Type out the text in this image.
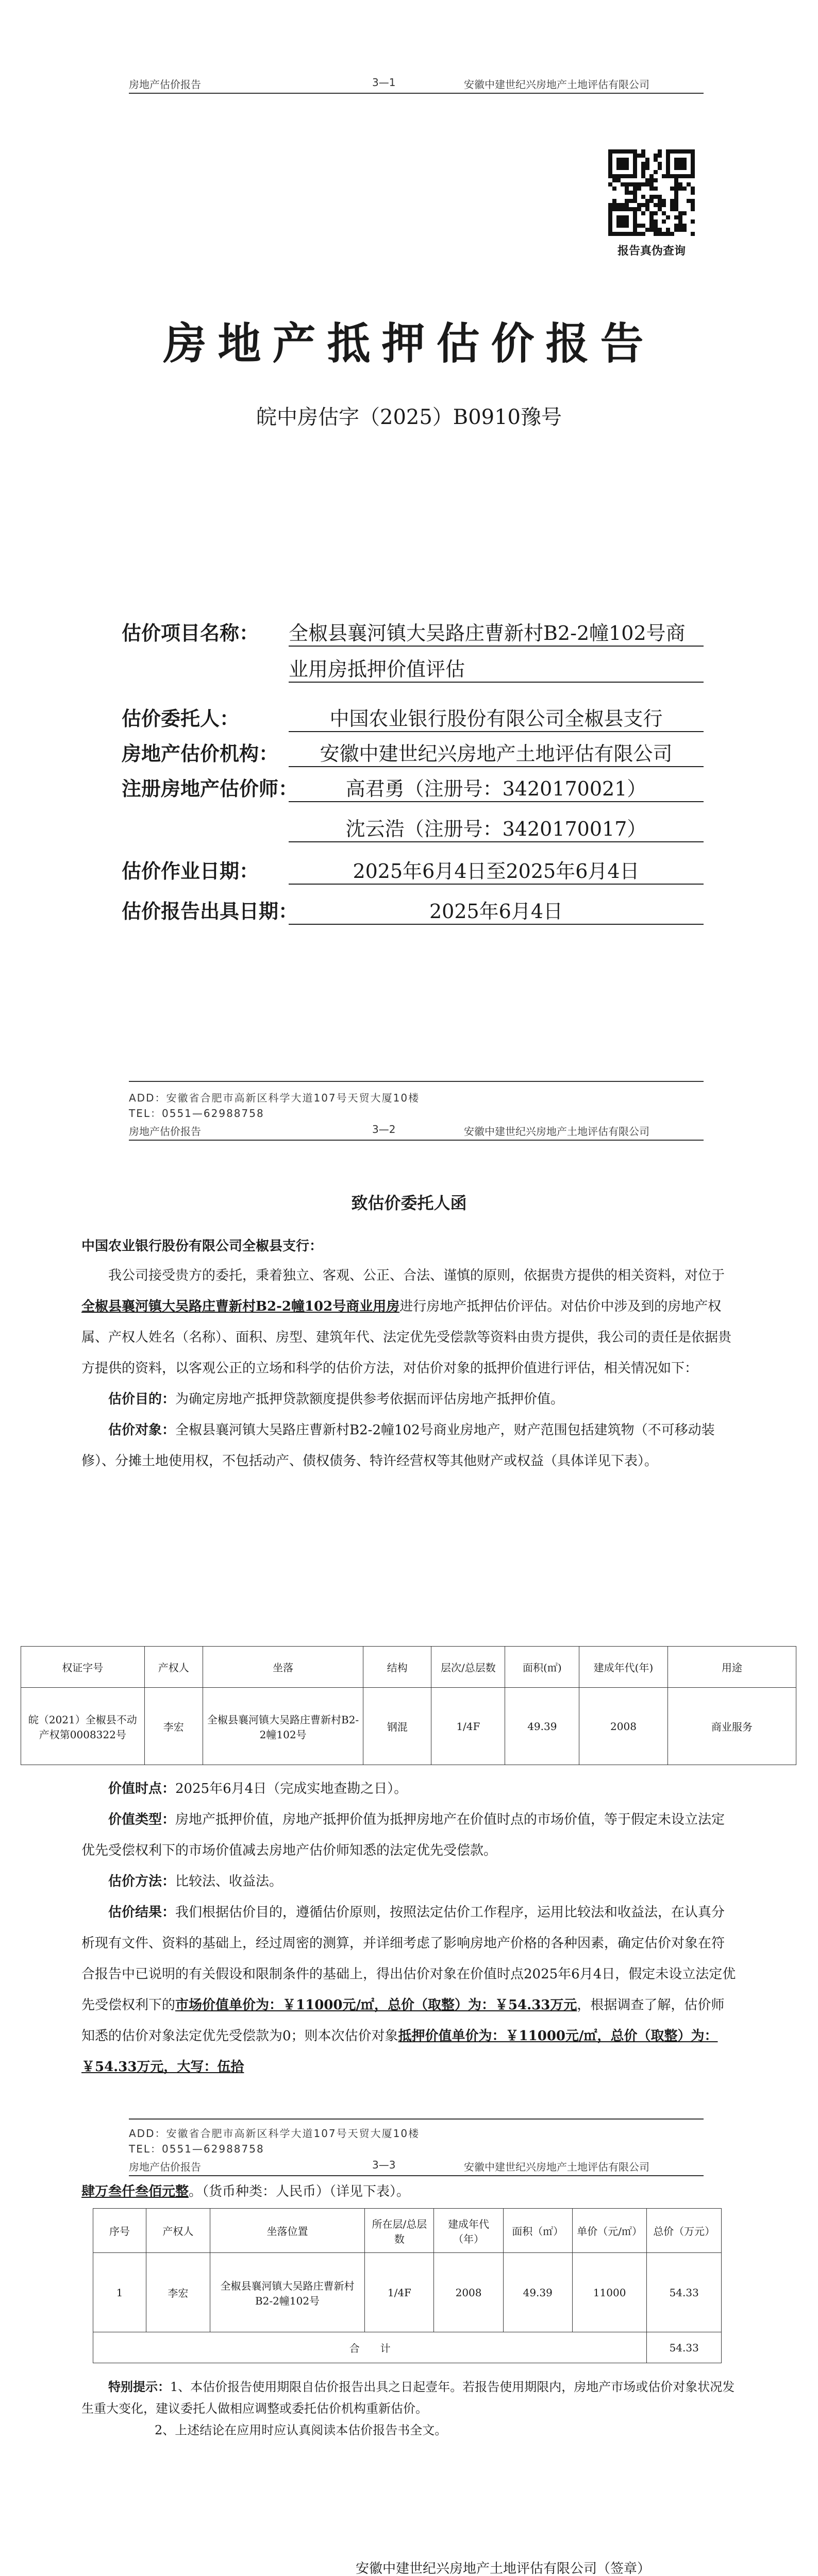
房地产估价报告	3—1	安徽中建世纪兴房地产土地评估有限公司
报告真伪查询
房地产抵押估价报告
皖中房估字（2025）B0910豫号
估价项目名称： 全椒县襄河镇大吴路庄曹新村B2-2幢102号商
业用房抵押价值评估
估价委托人：	中国农业银行股份有限公司全椒县支行
房地产估价机构：	安徽中建世纪兴房地产土地评估有限公司
注册房地产估价师：	高君勇（注册号：3420170021）
沈云浩（注册号：3420170017）
估价作业日期：	2025年6月4日至2025年6月4日
估价报告出具日期：	2025年6月4日
ADD：安徽省合肥市高新区科学大道107号天贸大厦10楼
TEL：0551—62988758
房地产估价报告	3—2	安徽中建世纪兴房地产土地评估有限公司
致估价委托人函
中国农业银行股份有限公司全椒县支行：

我公司接受贵方的委托，秉着独立、客观、公正、合法、谨慎的原则，依据贵方提供的相关资料，对位于全椒县襄河镇大吴路庄曹新村B2-2幢102号商业用房进行房地产抵押估价评估。对估价中涉及到的房地产权属、产权人姓名（名称）、面积、房型、建筑年代、法定优先受偿款等资料由贵方提供，我公司的责任是依据贵方提供的资料，以客观公正的立场和科学的估价方法，对估价对象的抵押价值进行评估，相关情况如下：

估价目的：为确定房地产抵押贷款额度提供参考依据而评估房地产抵押价值。

估价对象：全椒县襄河镇大吴路庄曹新村B2-2幢102号商业房地产，财产范围包括建筑物（不可移动装修）、分摊土地使用权，不包括动产、债权债务、特许经营权等其他财产或权益（具体详见下表）。

权证字号	产权人	坐落	结构	层次/总层数	面积(㎡)	建成年代(年)	用途
皖（2021）全椒县不动产权第0008322号	李宏	全椒县襄河镇大吴路庄曹新村B2-2幢102号	钢混	1/4F	49.39	2008	商业服务

价值时点：2025年6月4日（完成实地查勘之日）。

价值类型：房地产抵押价值，房地产抵押价值为抵押房地产在价值时点的市场价值，等于假定未设立法定优先受偿权利下的市场价值减去房地产估价师知悉的法定优先受偿款。

估价方法：比较法、收益法。

估价结果：我们根据估价目的，遵循估价原则，按照法定估价工作程序，运用比较法和收益法，在认真分析现有文件、资料的基础上，经过周密的测算，并详细考虑了影响房地产价格的各种因素，确定估价对象在符合报告中已说明的有关假设和限制条件的基础上，得出估价对象在价值时点2025年6月4日，假定未设立法定优先受偿权利下的市场价值单价为：￥11000元/㎡，总价（取整）为：￥54.33万元，根据调查了解，估价师知悉的估价对象法定优先受偿款为0；则本次估价对象抵押价值单价为：￥11000元/㎡，总价（取整）为：￥54.33万元，大写：伍拾

ADD：安徽省合肥市高新区科学大道107号天贸大厦10楼
TEL：0551—62988758
房地产估价报告	3—3	安徽中建世纪兴房地产土地评估有限公司
肆万叁仟叁佰元整。（货币种类：人民币）（详见下表）。
序号	产权人	坐落位置	所在层/总层数	建成年代（年）	面积（㎡）	单价（元/㎡）	总价（万元）
1	李宏	全椒县襄河镇大吴路庄曹新村B2-2幢102号	1/4F	2008	49.39	11000	54.33
合　　计							54.33
特别提示：1、本估价报告使用期限自估价报告出具之日起壹年。若报告使用期限内，房地产市场或估价对象状况发生重大变化，建议委托人做相应调整或委托估价机构重新估价。
2、上述结论在应用时应认真阅读本估价报告书全文。
安徽中建世纪兴房地产土地评估有限公司（签章）
